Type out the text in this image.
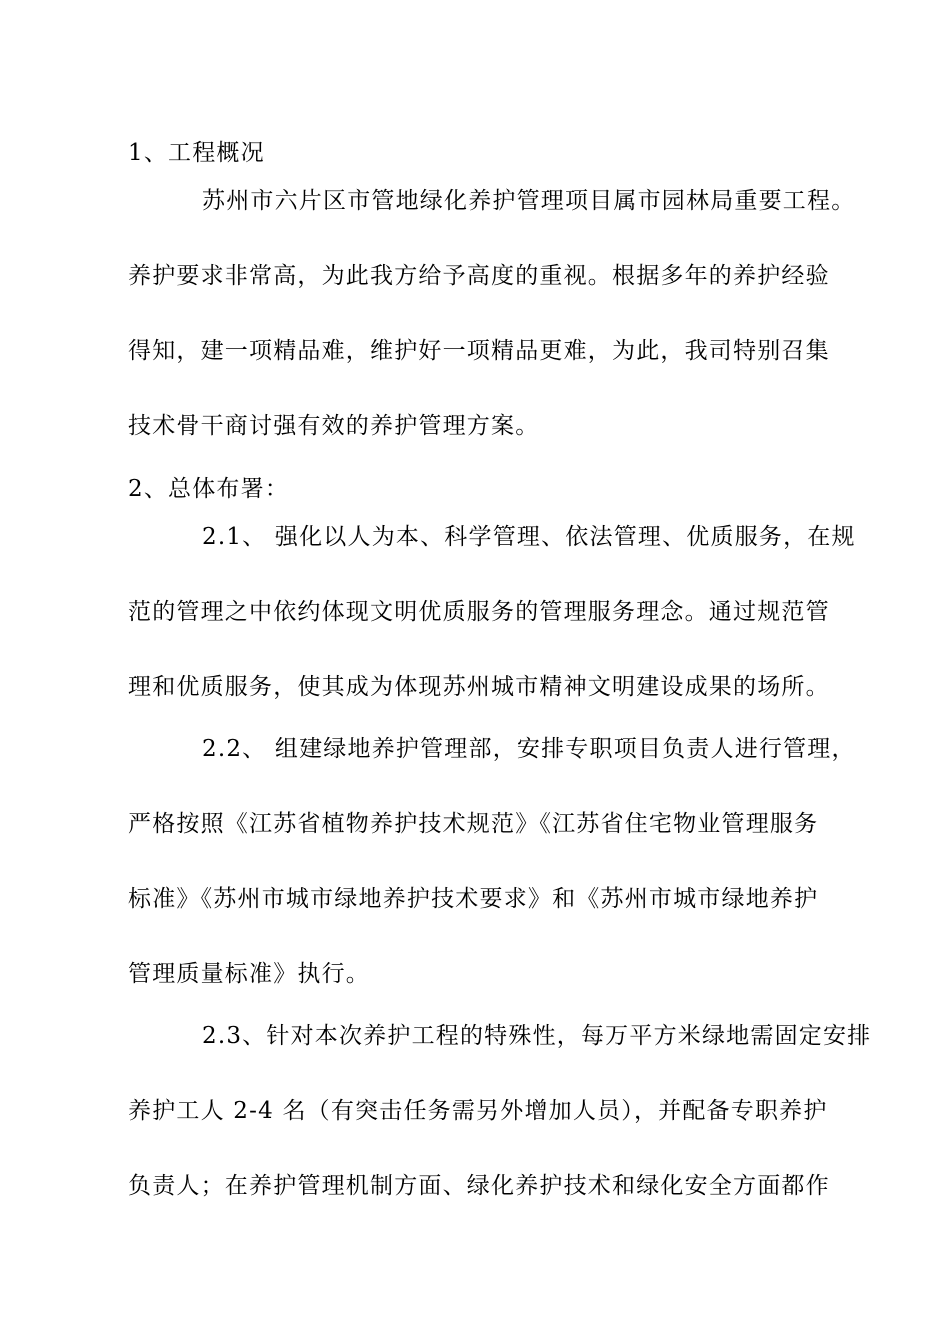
1、工程概况
苏州市六片区市管地绿化养护管理项目属市园林局重要工程。
养护要求非常高，为此我方给予高度的重视。根据多年的养护经验
得知，建一项精品难，维护好一项精品更难，为此，我司特别召集
技术骨干商讨强有效的养护管理方案。
2、总体布署：
2.1、 强化以人为本、科学管理、依法管理、优质服务，在规
范的管理之中依约体现文明优质服务的管理服务理念。通过规范管
理和优质服务，使其成为体现苏州城市精神文明建设成果的场所。
2.2、 组建绿地养护管理部，安排专职项目负责人进行管理，
严格按照《江苏省植物养护技术规范》《江苏省住宅物业管理服务
标准》《苏州市城市绿地养护技术要求》和《苏州市城市绿地养护
管理质量标准》执行。
2.3、针对本次养护工程的特殊性，每万平方米绿地需固定安排
养护工人 2-4 名（有突击任务需另外增加人员），并配备专职养护
负责人；在养护管理机制方面、绿化养护技术和绿化安全方面都作
